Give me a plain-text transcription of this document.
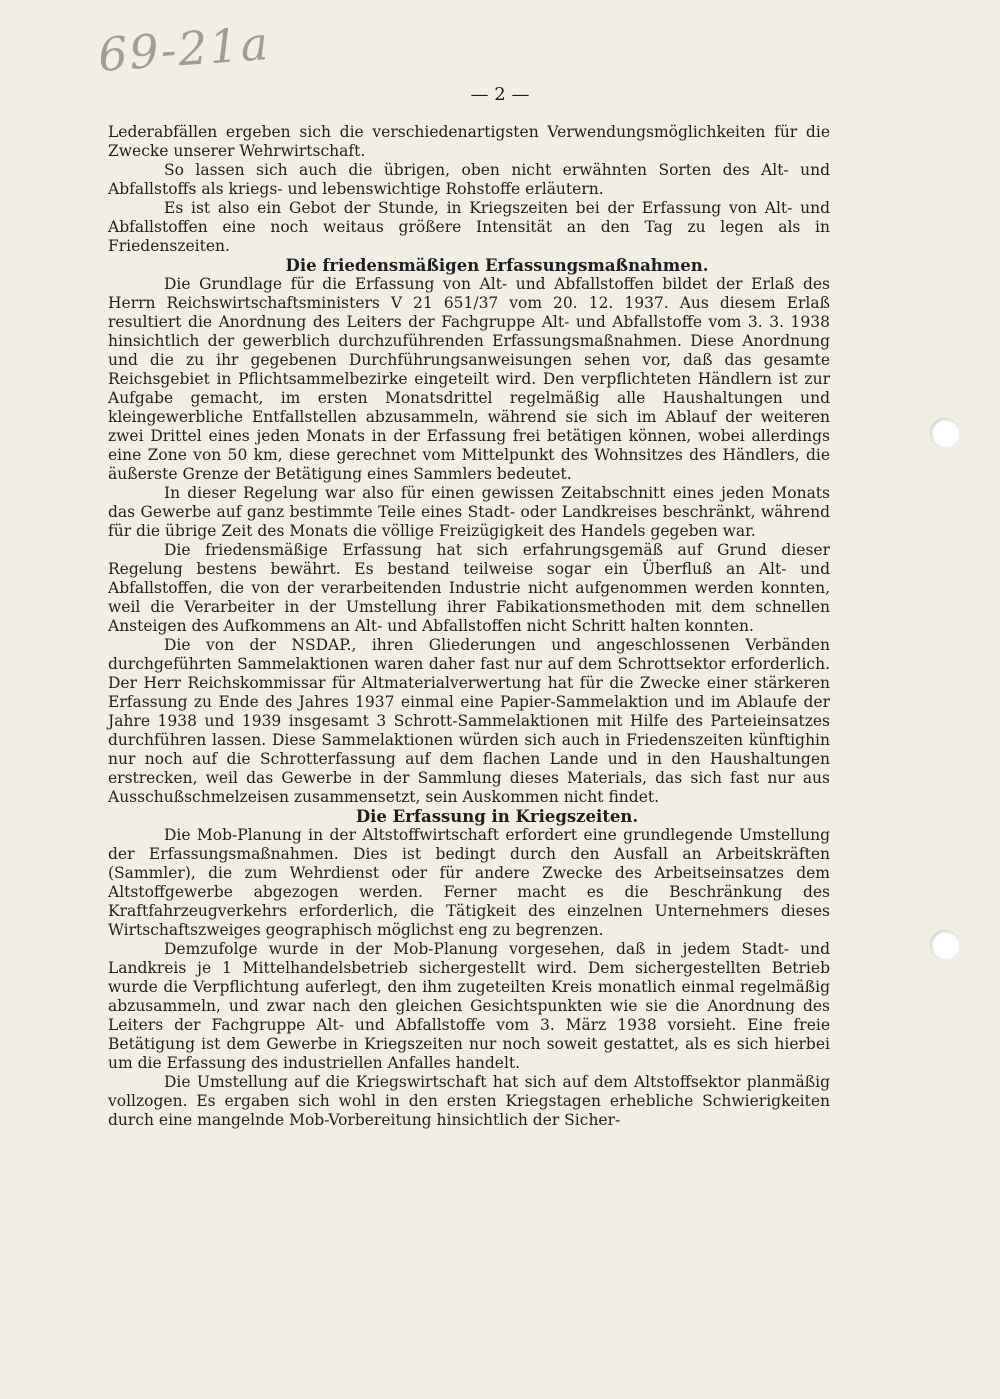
69-21a
— 2 —

Lederabfällen ergeben sich die verschiedenartigsten Verwendungsmöglichkeiten für die Zwecke unserer Wehrwirtschaft.

So lassen sich auch die übrigen, oben nicht erwähnten Sorten des Alt- und Abfallstoffs als kriegs- und lebenswichtige Rohstoffe erläutern.

Es ist also ein Gebot der Stunde, in Kriegszeiten bei der Erfassung von Alt- und Abfallstoffen eine noch weitaus größere Intensität an den Tag zu legen als in Friedenszeiten.

Die friedensmäßigen Erfassungsmaßnahmen.

Die Grundlage für die Erfassung von Alt- und Abfallstoffen bildet der Erlaß des Herrn Reichswirtschaftsministers V 21 651/37 vom 20. 12. 1937. Aus diesem Erlaß resultiert die Anordnung des Leiters der Fachgruppe Alt- und Abfallstoffe vom 3. 3. 1938 hinsichtlich der gewerblich durchzuführenden Erfassungsmaßnahmen. Diese Anordnung und die zu ihr gegebenen Durchführungsanweisungen sehen vor, daß das gesamte Reichsgebiet in Pflichtsammelbezirke eingeteilt wird. Den verpflichteten Händlern ist zur Aufgabe gemacht, im ersten Monatsdrittel regelmäßig alle Haushaltungen und kleingewerbliche Entfallstellen abzusammeln, während sie sich im Ablauf der weiteren zwei Drittel eines jeden Monats in der Erfassung frei betätigen können, wobei allerdings eine Zone von 50 km, diese gerechnet vom Mittelpunkt des Wohnsitzes des Händlers, die äußerste Grenze der Betätigung eines Sammlers bedeutet.

In dieser Regelung war also für einen gewissen Zeitabschnitt eines jeden Monats das Gewerbe auf ganz bestimmte Teile eines Stadt- oder Landkreises beschränkt, während für die übrige Zeit des Monats die völlige Freizügigkeit des Handels gegeben war.

Die friedensmäßige Erfassung hat sich erfahrungsgemäß auf Grund dieser Regelung bestens bewährt. Es bestand teilweise sogar ein Überfluß an Alt- und Abfallstoffen, die von der verarbeitenden Industrie nicht aufgenommen werden konnten, weil die Verarbeiter in der Umstellung ihrer Fabikationsmethoden mit dem schnellen Ansteigen des Aufkommens an Alt- und Abfallstoffen nicht Schritt halten konnten.

Die von der NSDAP., ihren Gliederungen und angeschlossenen Verbänden durchgeführten Sammelaktionen waren daher fast nur auf dem Schrottsektor erforderlich. Der Herr Reichskommissar für Altmaterialverwertung hat für die Zwecke einer stärkeren Erfassung zu Ende des Jahres 1937 einmal eine Papier-Sammelaktion und im Ablaufe der Jahre 1938 und 1939 insgesamt 3 Schrott-Sammelaktionen mit Hilfe des Parteieinsatzes durchführen lassen. Diese Sammelaktionen würden sich auch in Friedenszeiten künftighin nur noch auf die Schrotterfassung auf dem flachen Lande und in den Haushaltungen erstrecken, weil das Gewerbe in der Sammlung dieses Materials, das sich fast nur aus Ausschußschmelzeisen zusammensetzt, sein Auskommen nicht findet.

Die Erfassung in Kriegszeiten.

Die Mob-Planung in der Altstoffwirtschaft erfordert eine grundlegende Umstellung der Erfassungsmaßnahmen. Dies ist bedingt durch den Ausfall an Arbeitskräften (Sammler), die zum Wehrdienst oder für andere Zwecke des Arbeitseinsatzes dem Altstoffgewerbe abgezogen werden. Ferner macht es die Beschränkung des Kraftfahrzeugverkehrs erforderlich, die Tätigkeit des einzelnen Unternehmers dieses Wirtschaftszweiges geographisch möglichst eng zu begrenzen.

Demzufolge wurde in der Mob-Planung vorgesehen, daß in jedem Stadt- und Landkreis je 1 Mittelhandelsbetrieb sichergestellt wird. Dem sichergestellten Betrieb wurde die Verpflichtung auferlegt, den ihm zugeteilten Kreis monatlich einmal regelmäßig abzusammeln, und zwar nach den gleichen Gesichtspunkten wie sie die Anordnung des Leiters der Fachgruppe Alt- und Abfallstoffe vom 3. März 1938 vorsieht. Eine freie Betätigung ist dem Gewerbe in Kriegszeiten nur noch soweit gestattet, als es sich hierbei um die Erfassung des industriellen Anfalles handelt.

Die Umstellung auf die Kriegswirtschaft hat sich auf dem Altstoffsektor planmäßig vollzogen. Es ergaben sich wohl in den ersten Kriegstagen erhebliche Schwierigkeiten durch eine mangelnde Mob-Vorbereitung hinsichtlich der Sicher-
